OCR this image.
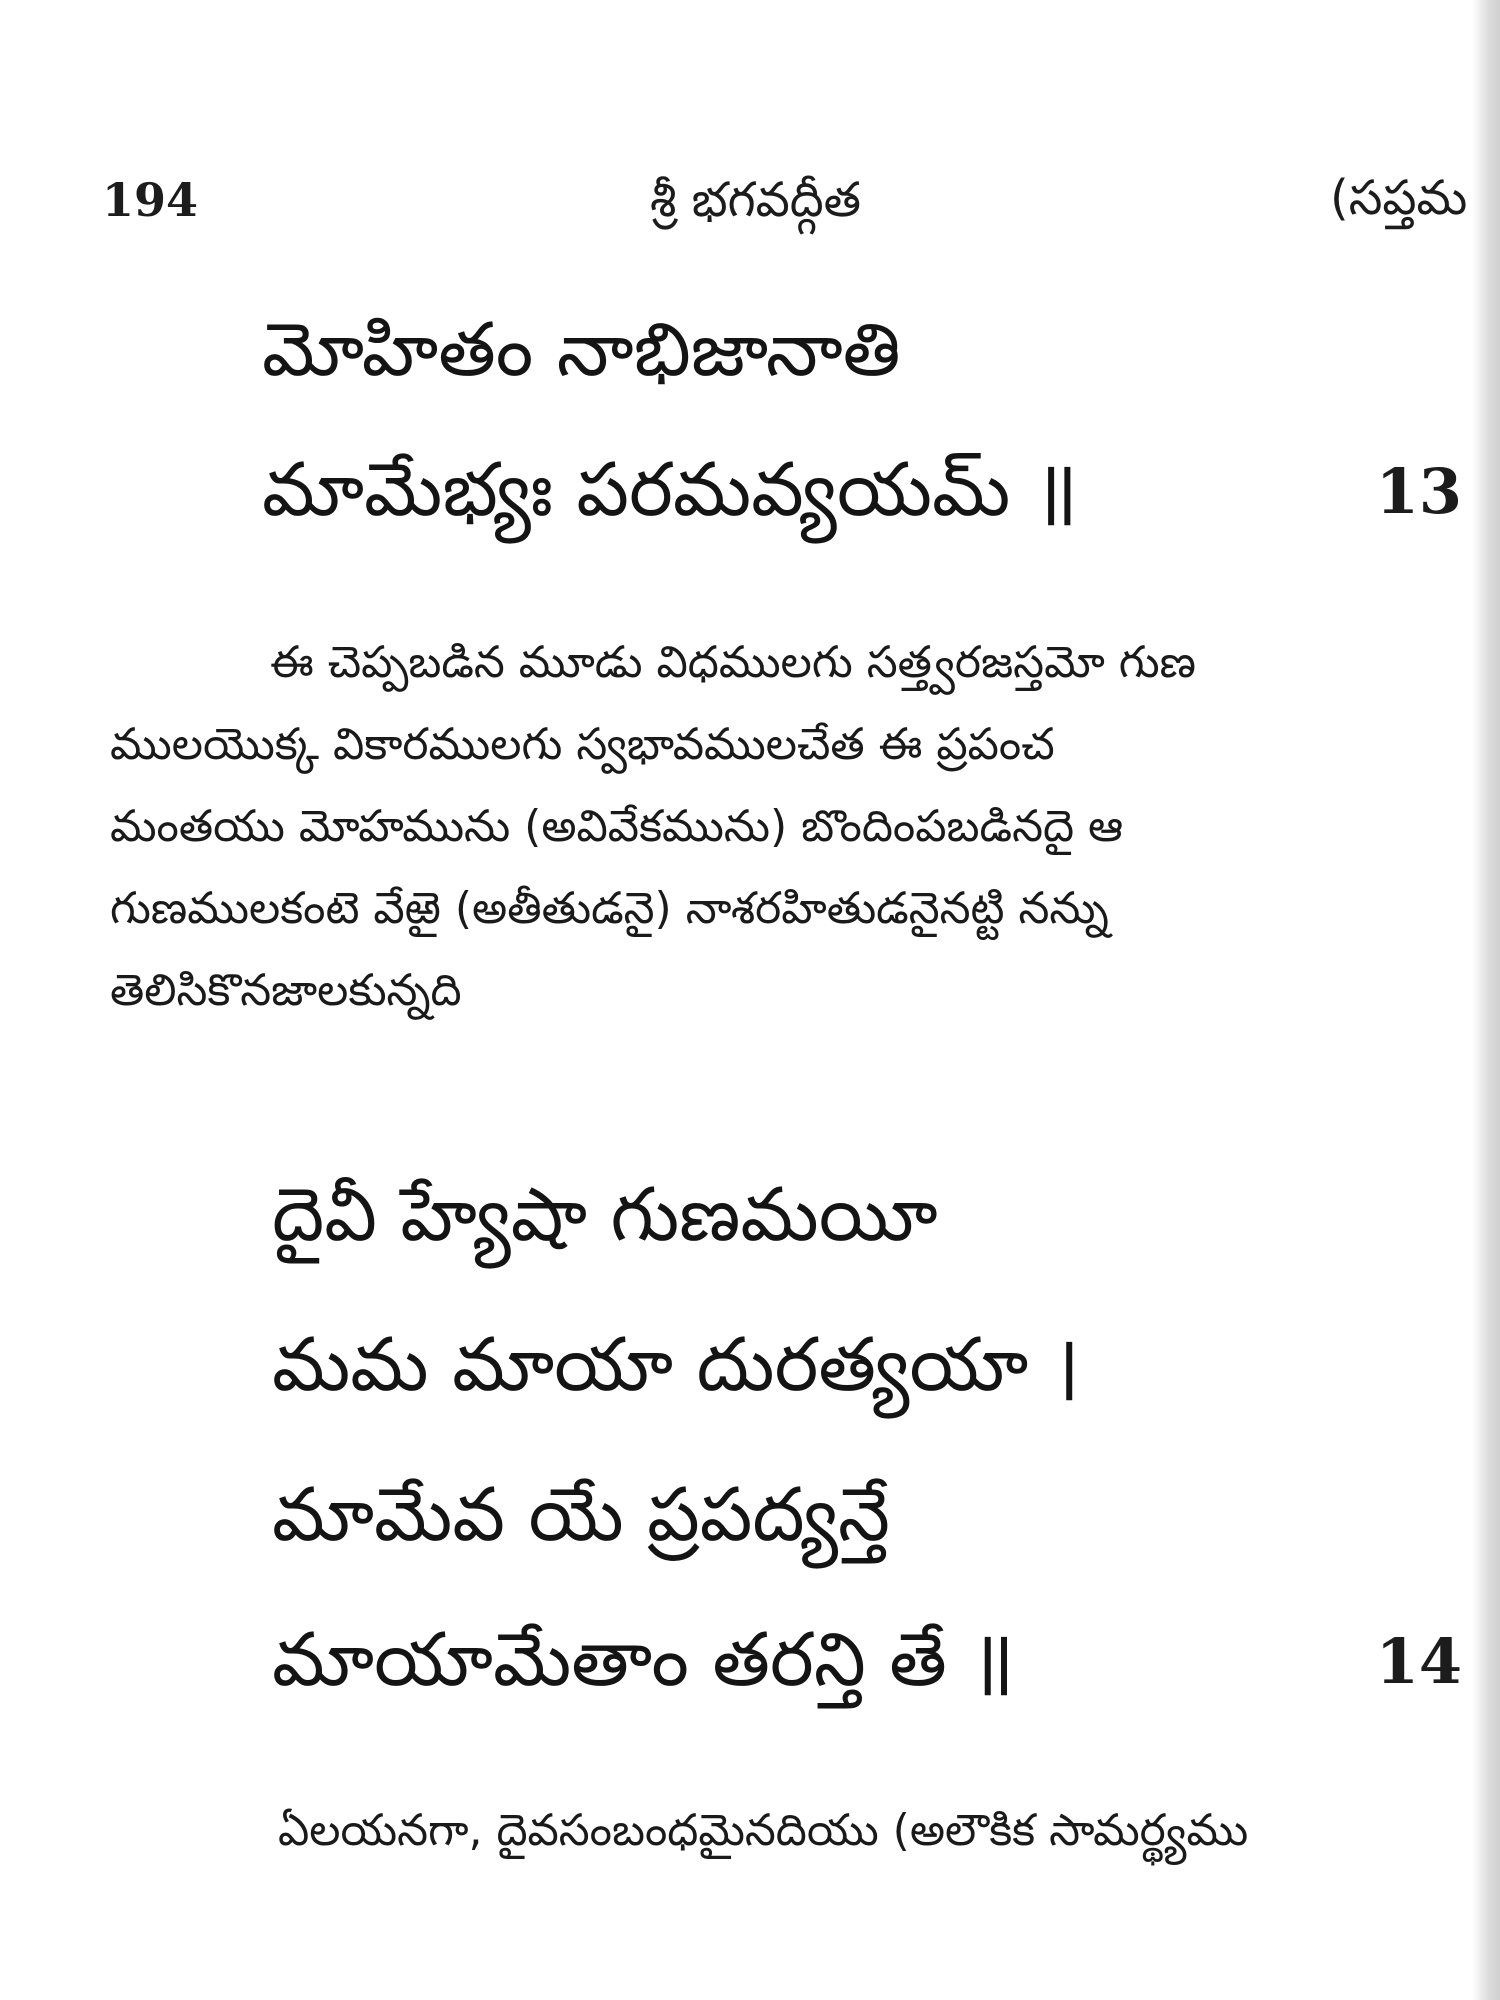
194	శ్రీ భగవద్గీత	(సప్తమ
మోహితం నాభిజానాతి
మామేభ్యః పరమవ్యయమ్ ॥	13
ఈ చెప్పబడిన మూడు విధములగు సత్త్వరజస్తమో గుణ
ములయొక్క వికారములగు స్వభావములచేత ఈ ప్రపంచ
మంతయు మోహమును (అవివేకమును) బొందింపబడినదై ఆ
గుణములకంటె వేఱై (అతీతుడనై) నాశరహితుడనైనట్టి నన్ను
తెలిసికొనజాలకున్నది
దైవీ హ్యేషా గుణమయీ
మమ మాయా దురత్యయా ।
మామేవ యే ప్రపద్యన్తే
మాయామేతాం తరన్తి తే ॥	14
ఏలయనగా, దైవసంబంధమైనదియు (అలౌకిక సామర్థ్యము
